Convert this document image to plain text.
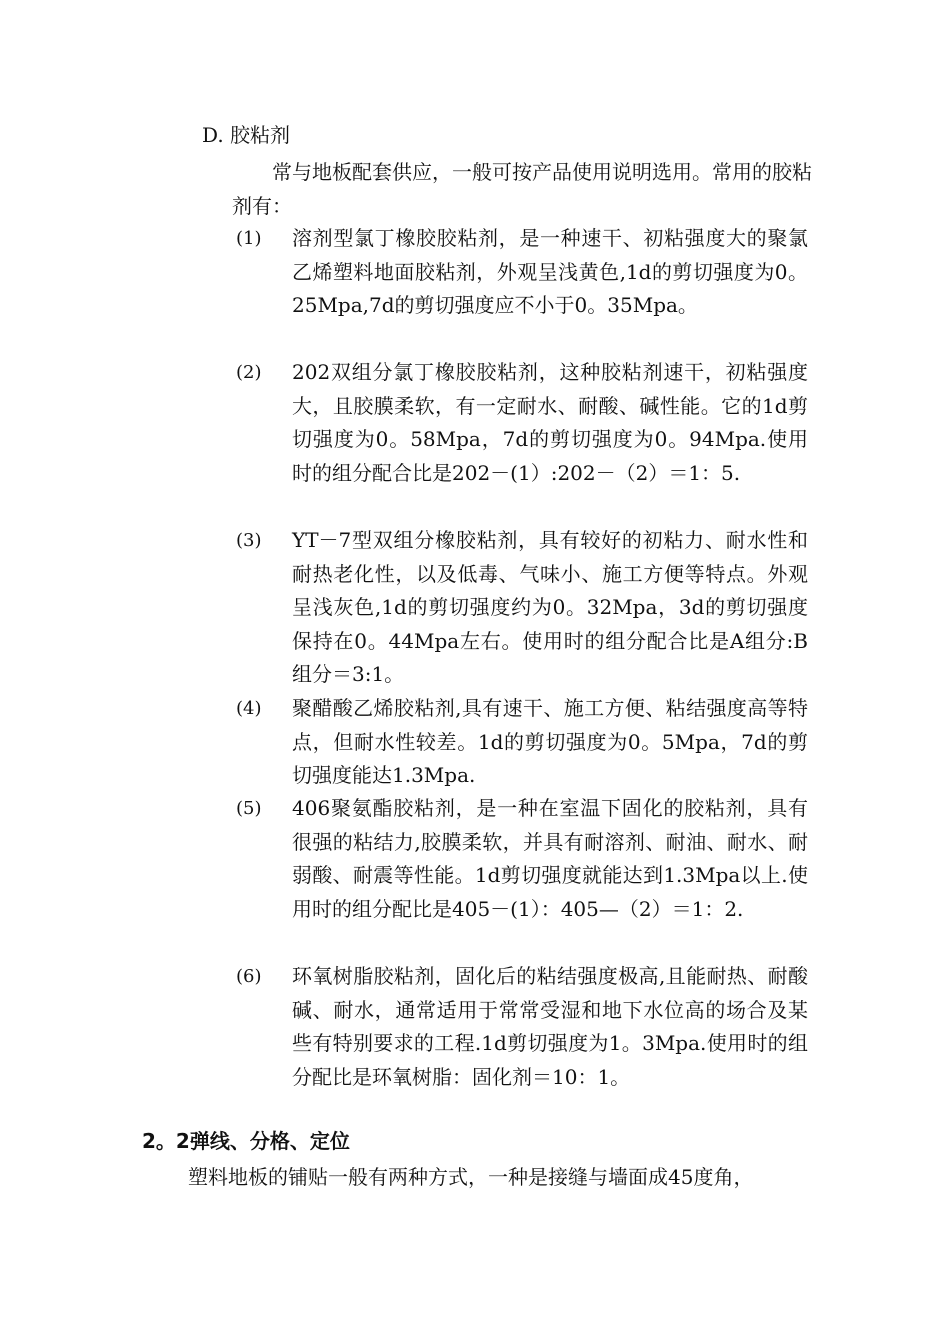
D. 胶粘剂
常与地板配套供应，一般可按产品使用说明选用。常用的胶粘剂有：
(1) 溶剂型氯丁橡胶胶粘剂，是一种速干、初粘强度大的聚氯乙烯塑料地面胶粘剂，外观呈浅黄色,1d的剪切强度为0。25Mpa,7d的剪切强度应不小于0。35Mpa。
(2) 202双组分氯丁橡胶胶粘剂，这种胶粘剂速干，初粘强度大，且胶膜柔软，有一定耐水、耐酸、碱性能。它的1d剪切强度为0。58Mpa，7d的剪切强度为0。94Mpa.使用时的组分配合比是202－(1）:202－（2）＝1：5.
(3) YT－7型双组分橡胶粘剂，具有较好的初粘力、耐水性和耐热老化性，以及低毒、气味小、施工方便等特点。外观呈浅灰色,1d的剪切强度约为0。32Mpa，3d的剪切强度保持在0。44Mpa左右。使用时的组分配合比是A组分:B组分＝3:1。
(4) 聚醋酸乙烯胶粘剂,具有速干、施工方便、粘结强度高等特点，但耐水性较差。1d的剪切强度为0。5Mpa，7d的剪切强度能达1.3Mpa.
(5) 406聚氨酯胶粘剂，是一种在室温下固化的胶粘剂，具有很强的粘结力,胶膜柔软，并具有耐溶剂、耐油、耐水、耐弱酸、耐震等性能。1d剪切强度就能达到1.3Mpa以上.使用时的组分配比是405－(1）：405—（2）＝1：2.
(6) 环氧树脂胶粘剂，固化后的粘结强度极高,且能耐热、耐酸碱、耐水，通常适用于常常受湿和地下水位高的场合及某些有特别要求的工程.1d剪切强度为1。3Mpa.使用时的组分配比是环氧树脂：固化剂＝10：1。
2。2弹线、分格、定位
塑料地板的铺贴一般有两种方式，一种是接缝与墙面成45度角，
